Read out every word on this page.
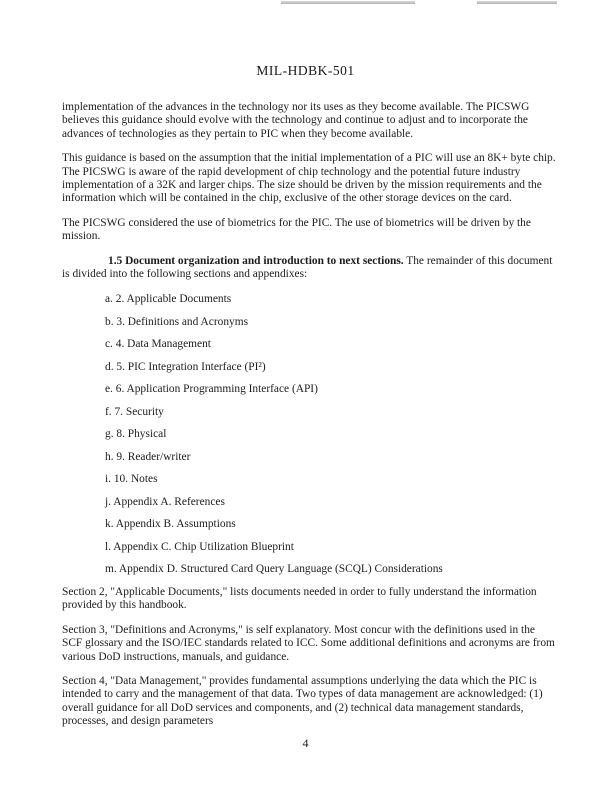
MIL-HDBK-501

implementation of the advances in the technology nor its uses as they become available. The PICSWG believes this guidance should evolve with the technology and continue to adjust and to incorporate the advances of technologies as they pertain to PIC when they become available.

This guidance is based on the assumption that the initial implementation of a PIC will use an 8K+ byte chip. The PICSWG is aware of the rapid development of chip technology and the potential future industry implementation of a 32K and larger chips. The size should be driven by the mission requirements and the information which will be contained in the chip, exclusive of the other storage devices on the card.

The PICSWG considered the use of biometrics for the PIC. The use of biometrics will be driven by the mission.

1.5 Document organization and introduction to next sections. The remainder of this document is divided into the following sections and appendixes:

a. 2. Applicable Documents
b. 3. Definitions and Acronyms
c. 4. Data Management
d. 5. PIC Integration Interface (PI²)
e. 6. Application Programming Interface (API)
f. 7. Security
g. 8. Physical
h. 9. Reader/writer
i. 10. Notes
j. Appendix A. References
k. Appendix B. Assumptions
l. Appendix C. Chip Utilization Blueprint
m. Appendix D. Structured Card Query Language (SCQL) Considerations

Section 2, "Applicable Documents," lists documents needed in order to fully understand the information provided by this handbook.

Section 3, "Definitions and Acronyms," is self explanatory. Most concur with the definitions used in the SCF glossary and the ISO/IEC standards related to ICC. Some additional definitions and acronyms are from various DoD instructions, manuals, and guidance.

Section 4, "Data Management," provides fundamental assumptions underlying the data which the PIC is intended to carry and the management of that data. Two types of data management are acknowledged: (1) overall guidance for all DoD services and components, and (2) technical data management standards, processes, and design parameters

4
